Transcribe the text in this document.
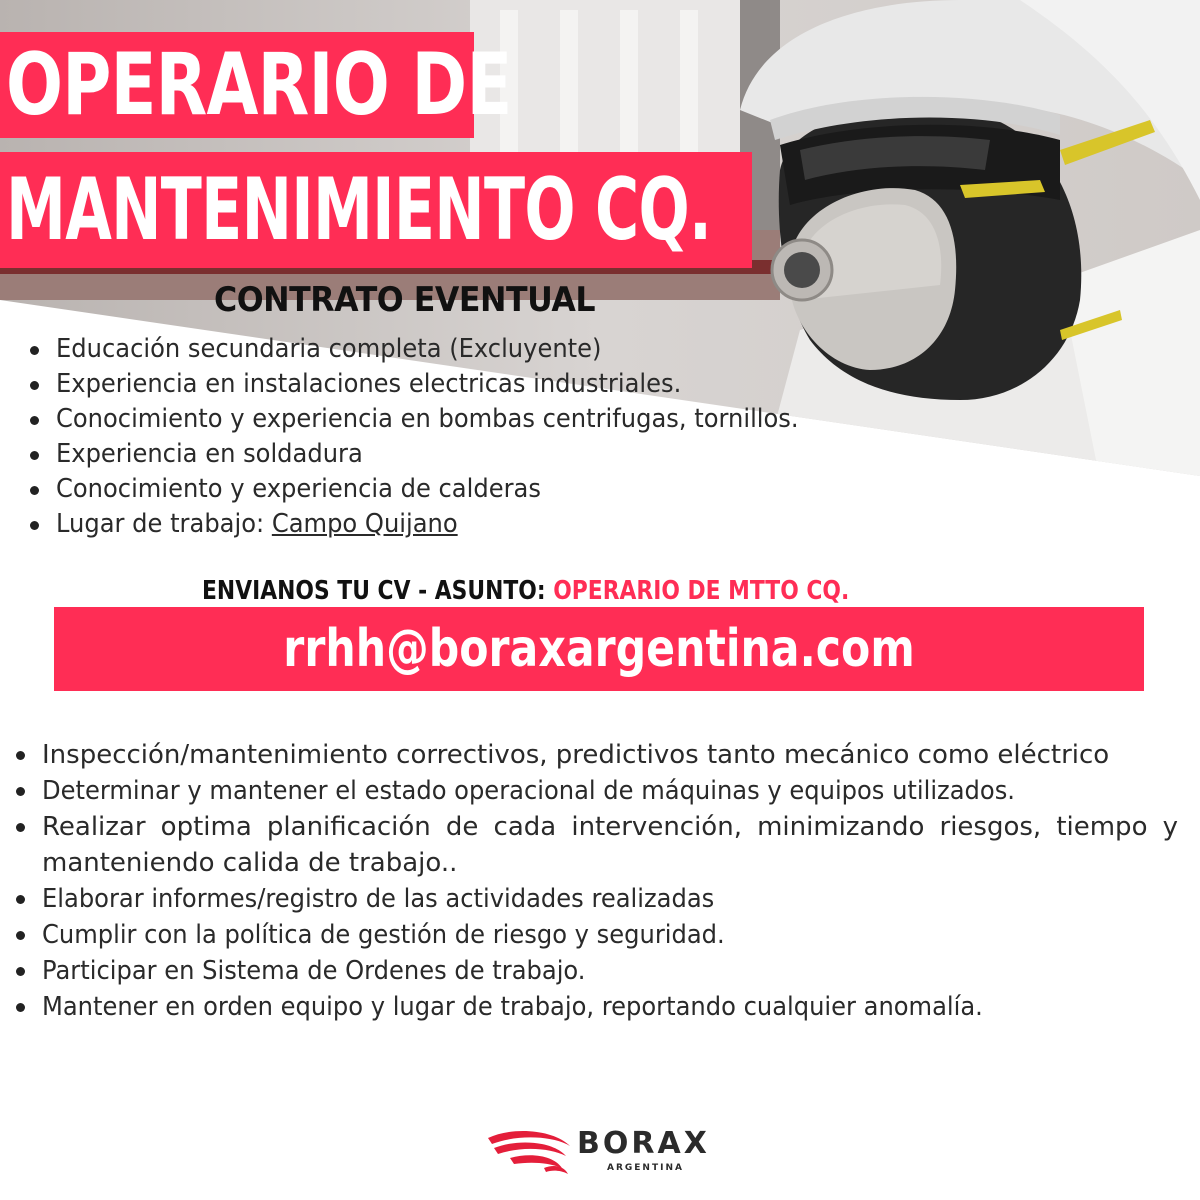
OPERARIO DE
MANTENIMIENTO CQ.
CONTRATO EVENTUAL
Educación secundaria completa (Excluyente)
Experiencia en instalaciones electricas industriales.
Conocimiento y experiencia en bombas centrifugas, tornillos.
Experiencia en soldadura
Conocimiento y experiencia de calderas
Lugar de trabajo: Campo Quijano
ENVIANOS TU CV - ASUNTO: OPERARIO DE MTTO CQ.
rrhh@boraxargentina.com
Inspección/mantenimiento correctivos, predictivos tanto mecánico como eléctrico
Determinar y mantener el estado operacional de máquinas y equipos utilizados.
Realizar optima planificación de cada intervención, minimizando riesgos, tiempo y manteniendo calida de trabajo..
Elaborar informes/registro de las actividades realizadas
Cumplir con la política de gestión de riesgo y seguridad.
Participar en Sistema de Ordenes de trabajo.
Mantener en orden equipo y lugar de trabajo, reportando cualquier anomalía.
BORAX
ARGENTINA
